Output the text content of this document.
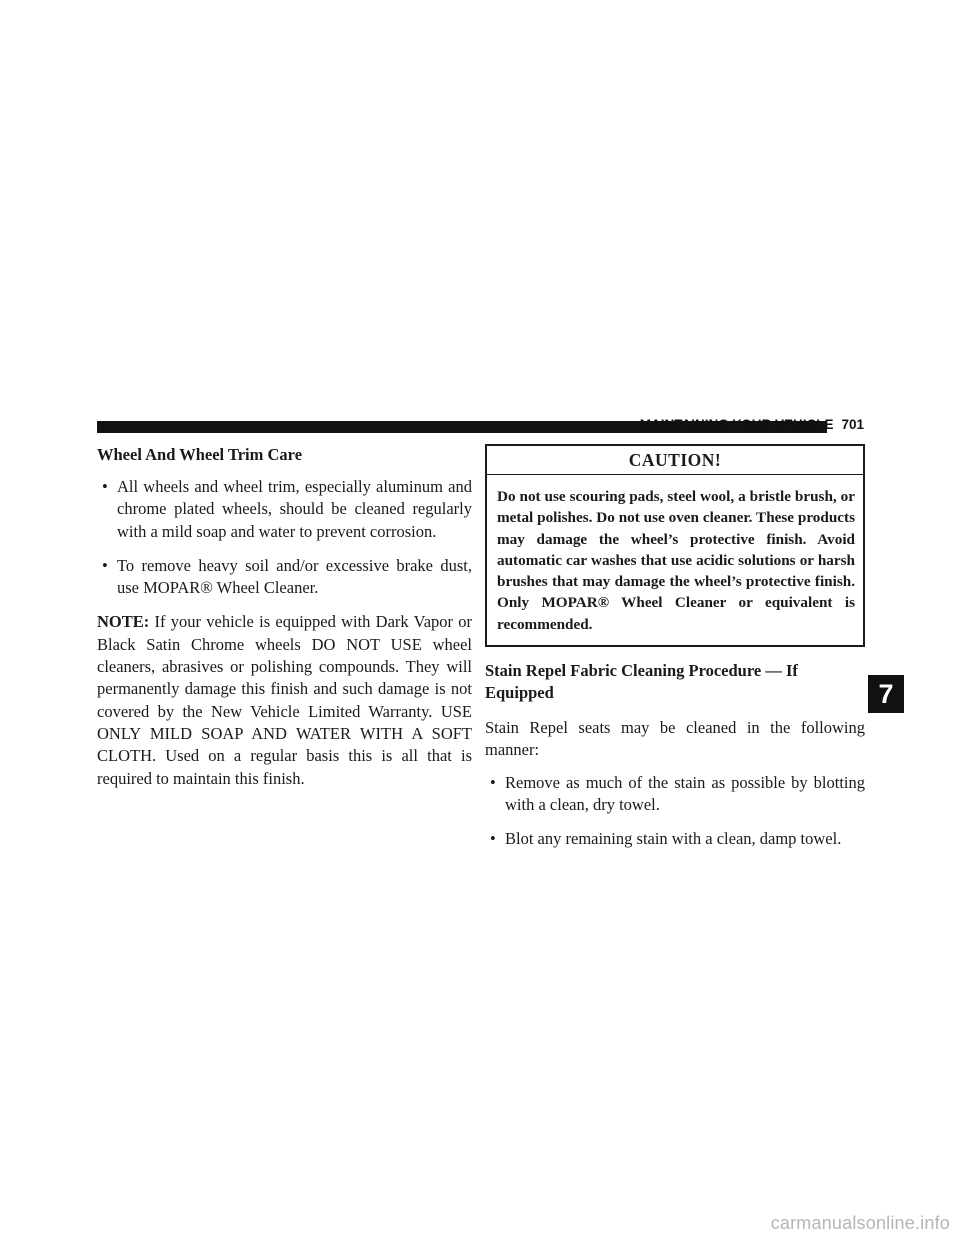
MAINTAINING YOUR VEHICLE 701
Wheel And Wheel Trim Care
• All wheels and wheel trim, especially aluminum and chrome plated wheels, should be cleaned regularly with a mild soap and water to prevent corrosion.
• To remove heavy soil and/or excessive brake dust, use MOPAR® Wheel Cleaner.

NOTE: If your vehicle is equipped with Dark Vapor or Black Satin Chrome wheels DO NOT USE wheel cleaners, abrasives or polishing compounds. They will permanently damage this finish and such damage is not covered by the New Vehicle Limited Warranty. USE ONLY MILD SOAP AND WATER WITH A SOFT CLOTH. Used on a regular basis this is all that is required to maintain this finish.

CAUTION!
Do not use scouring pads, steel wool, a bristle brush, or metal polishes. Do not use oven cleaner. These products may damage the wheel’s protective finish. Avoid automatic car washes that use acidic solutions or harsh brushes that may damage the wheel’s protective finish. Only MOPAR® Wheel Cleaner or equivalent is recommended.
Stain Repel Fabric Cleaning Procedure — If Equipped

Stain Repel seats may be cleaned in the following manner:

• Remove as much of the stain as possible by blotting with a clean, dry towel.
• Blot any remaining stain with a clean, damp towel.
7
carmanualsonline.info
